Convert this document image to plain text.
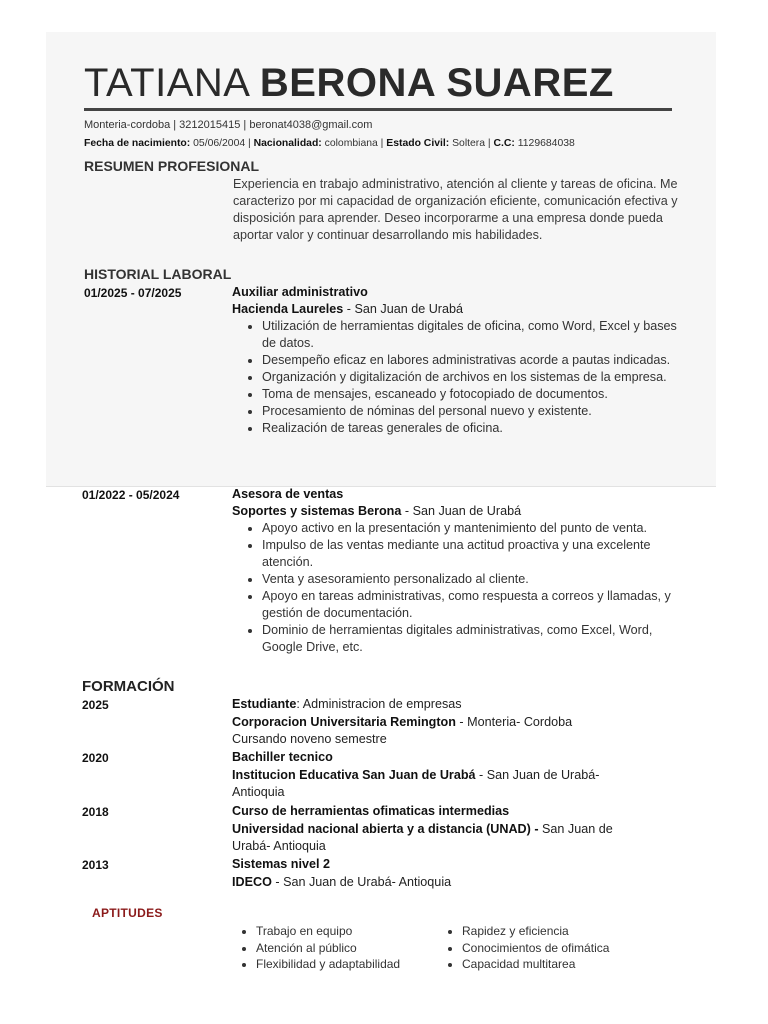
TATIANA BERONA SUAREZ
Monteria-cordoba | 3212015415 | beronat4038@gmail.com
Fecha de nacimiento: 05/06/2004 | Nacionalidad: colombiana | Estado Civil: Soltera | C.C: 1129684038
RESUMEN PROFESIONAL
Experiencia en trabajo administrativo, atención al cliente y tareas de oficina. Me caracterizo por mi capacidad de organización eficiente, comunicación efectiva y disposición para aprender. Deseo incorporarme a una empresa donde pueda aportar valor y continuar desarrollando mis habilidades.
HISTORIAL LABORAL
01/2025 - 07/2025	Auxiliar administrativo
Hacienda Laureles - San Juan de Urabá
• Utilización de herramientas digitales de oficina, como Word, Excel y bases de datos.
• Desempeño eficaz en labores administrativas acorde a pautas indicadas.
• Organización y digitalización de archivos en los sistemas de la empresa.
• Toma de mensajes, escaneado y fotocopiado de documentos.
• Procesamiento de nóminas del personal nuevo y existente.
• Realización de tareas generales de oficina.
01/2022 - 05/2024	Asesora de ventas
Soportes y sistemas Berona - San Juan de Urabá
• Apoyo activo en la presentación y mantenimiento del punto de venta.
• Impulso de las ventas mediante una actitud proactiva y una excelente atención.
• Venta y asesoramiento personalizado al cliente.
• Apoyo en tareas administrativas, como respuesta a correos y llamadas, y gestión de documentación.
• Dominio de herramientas digitales administrativas, como Excel, Word, Google Drive, etc.
FORMACIÓN
2025	Estudiante: Administracion de empresas
Corporacion Universitaria Remington - Monteria- Cordoba
Cursando noveno semestre
2020	Bachiller tecnico
Institucion Educativa San Juan de Urabá - San Juan de Urabá- Antioquia
2018	Curso de herramientas ofimaticas intermedias
Universidad nacional abierta y a distancia (UNAD) - San Juan de Urabá- Antioquia
2013	Sistemas nivel 2
IDECO - San Juan de Urabá- Antioquia
APTITUDES
• Trabajo en equipo
• Atención al público
• Flexibilidad y adaptabilidad
• Rapidez y eficiencia
• Conocimientos de ofimática
• Capacidad multitarea
